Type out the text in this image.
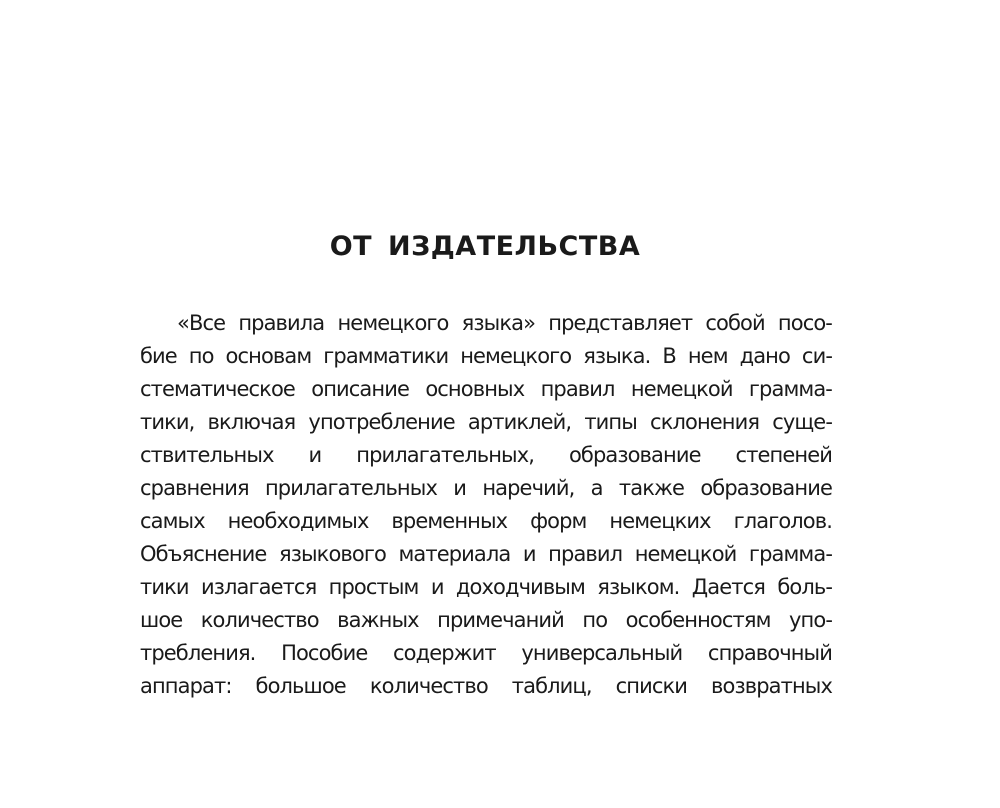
ОТ ИЗДАТЕЛЬСТВА
«Все правила немецкого языка» представляет собой посо-
бие по основам грамматики немецкого языка. В нем дано си-
стематическое описание основных правил немецкой грамма-
тики, включая употребление артиклей, типы склонения суще-
ствительных и прилагательных, образование степеней
сравнения прилагательных и наречий, а также образование
самых необходимых временных форм немецких глаголов.
Объяснение языкового материала и правил немецкой грамма-
тики излагается простым и доходчивым языком. Дается боль-
шое количество важных примечаний по особенностям упо-
требления. Пособие содержит универсальный справочный
аппарат: большое количество таблиц, списки возвратных
